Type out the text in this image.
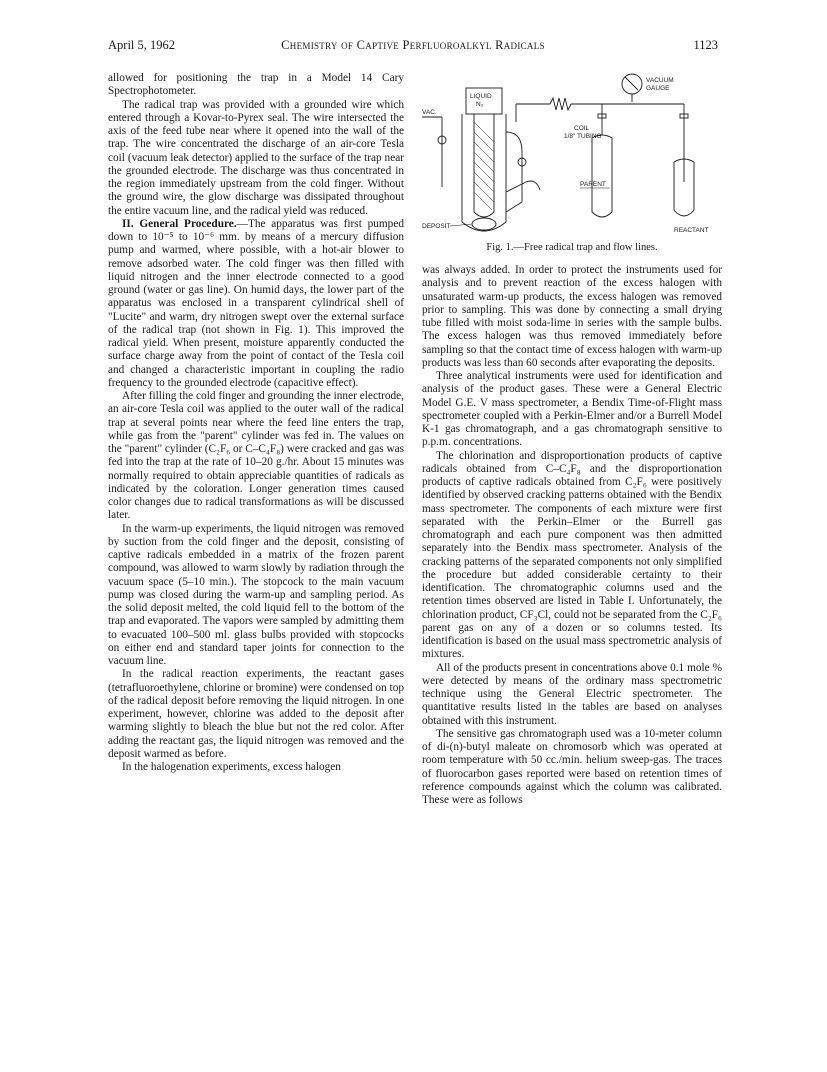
April 5, 1962	Chemistry of Captive Perfluoroalkyl Radicals	1123

allowed for positioning the trap in a Model 14 Cary Spectrophotometer.

The radical trap was provided with a grounded wire which entered through a Kovar-to-Pyrex seal. The wire intersected the axis of the feed tube near where it opened into the wall of the trap. The wire concentrated the discharge of an air-core Tesla coil (vacuum leak detector) applied to the surface of the trap near the grounded electrode. The discharge was thus concentrated in the region immediately upstream from the cold finger. Without the ground wire, the glow discharge was dissipated throughout the entire vacuum line, and the radical yield was reduced.

II. General Procedure.—The apparatus was first pumped down to 10⁻⁵ to 10⁻⁶ mm. by means of a mercury diffusion pump and warmed, where possible, with a hot-air blower to remove adsorbed water. The cold finger was then filled with liquid nitrogen and the inner electrode connected to a good ground (water or gas line). On humid days, the lower part of the apparatus was enclosed in a transparent cylindrical shell of "Lucite" and warm, dry nitrogen swept over the external surface of the radical trap (not shown in Fig. 1). This improved the radical yield. When present, moisture apparently conducted the surface charge away from the point of contact of the Tesla coil and changed a characteristic important in coupling the radio frequency to the grounded electrode (capacitive effect).

After filling the cold finger and grounding the inner electrode, an air-core Tesla coil was applied to the outer wall of the radical trap at several points near where the feed line enters the trap, while gas from the "parent" cylinder was fed in. The values on the "parent" cylinder (C₂F₆ or C–C₄F₈) were cracked and gas was fed into the trap at the rate of 10–20 g./hr. About 15 minutes was normally required to obtain appreciable quantities of radicals as indicated by the coloration. Longer generation times caused color changes due to radical transformations as will be discussed later.

In the warm-up experiments, the liquid nitrogen was removed by suction from the cold finger and the deposit, consisting of captive radicals embedded in a matrix of the frozen parent compound, was allowed to warm slowly by radiation through the vacuum space (5–10 min.). The stopcock to the main vacuum pump was closed during the warm-up and sampling period. As the solid deposit melted, the cold liquid fell to the bottom of the trap and evaporated. The vapors were sampled by admitting them to evacuated 100–500 ml. glass bulbs provided with stopcocks on either end and standard taper joints for connection to the vacuum line.

In the radical reaction experiments, the reactant gases (tetrafluoroethylene, chlorine or bromine) were condensed on top of the radical deposit before removing the liquid nitrogen. In one experiment, however, chlorine was added to the deposit after warming slightly to bleach the blue but not the red color. After adding the reactant gas, the liquid nitrogen was removed and the deposit warmed as before.

In the halogenation experiments, excess halogen

VACUUM
GAUGE
COIL
1/8" TUBING
PARENT
REACTANT
VAC.
LIQUID
N₂
DEPOSIT
Fig. 1.—Free radical trap and flow lines.

was always added. In order to protect the instruments used for analysis and to prevent reaction of the excess halogen with unsaturated warm-up products, the excess halogen was removed prior to sampling. This was done by connecting a small drying tube filled with moist soda-lime in series with the sample bulbs. The excess halogen was thus removed immediately before sampling so that the contact time of excess halogen with warm-up products was less than 60 seconds after evaporating the deposits.

Three analytical instruments were used for identification and analysis of the product gases. These were a General Electric Model G.E. V mass spectrometer, a Bendix Time-of-Flight mass spectrometer coupled with a Perkin-Elmer and/or a Burrell Model K-1 gas chromatograph, and a gas chromatograph sensitive to p.p.m. concentrations.

The chlorination and disproportionation products of captive radicals obtained from C–C₄F₈ and the disproportionation products of captive radicals obtained from C₂F₆ were positively identified by observed cracking patterns obtained with the Bendix mass spectrometer. The components of each mixture were first separated with the Perkin–Elmer or the Burrell gas chromatograph and each pure component was then admitted separately into the Bendix mass spectrometer. Analysis of the cracking patterns of the separated components not only simplified the procedure but added considerable certainty to their identification. The chromatographic columns used and the retention times observed are listed in Table I. Unfortunately, the chlorination product, CF₃Cl, could not be separated from the C₂F₆ parent gas on any of a dozen or so columns tested. Its identification is based on the usual mass spectrometric analysis of mixtures.

All of the products present in concentrations above 0.1 mole % were detected by means of the ordinary mass spectrometric technique using the General Electric spectrometer. The quantitative results listed in the tables are based on analyses obtained with this instrument.

The sensitive gas chromatograph used was a 10-meter column of di-(n)-butyl maleate on chromosorb which was operated at room temperature with 50 cc./min. helium sweep-gas. The traces of fluorocarbon gases reported were based on retention times of reference compounds against which the column was calibrated. These were as follows
